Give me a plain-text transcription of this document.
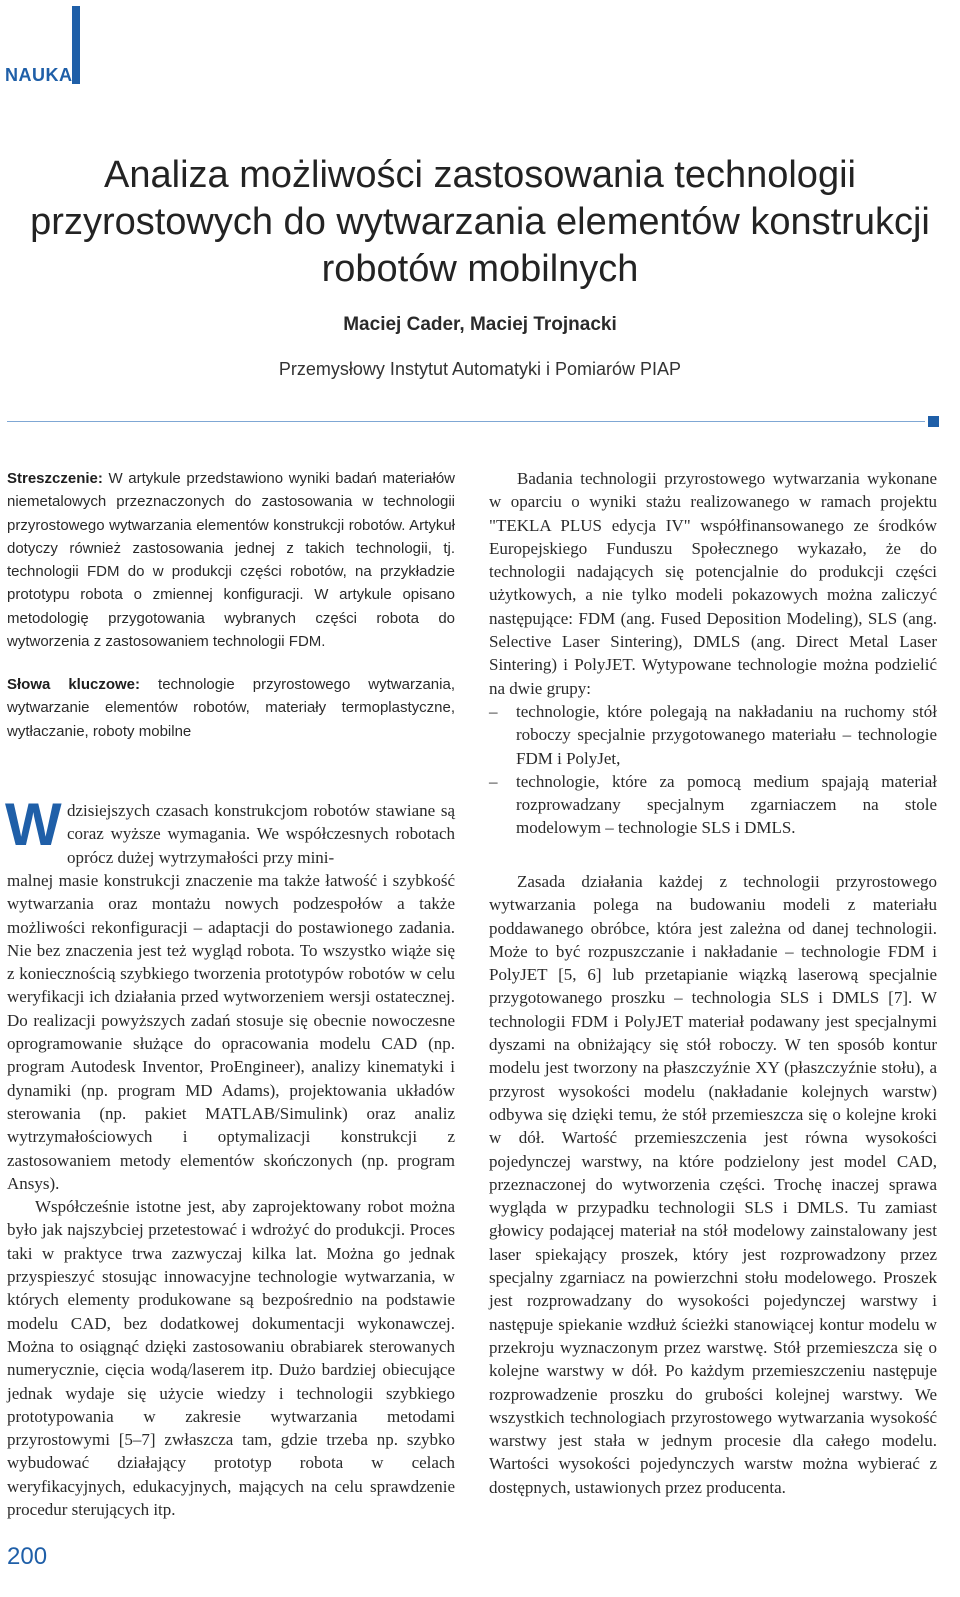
NAUKA
Analiza możliwości zastosowania technologii przyrostowych do wytwarzania elementów konstrukcji robotów mobilnych
Maciej Cader, Maciej Trojnacki
Przemysłowy Instytut Automatyki i Pomiarów PIAP
Streszczenie: W artykule przedstawiono wyniki badań materiałów niemetalowych przeznaczonych do zastosowania w technologii przyrostowego wytwarzania elementów konstrukcji robotów. Artykuł dotyczy również zastosowania jednej z takich technologii, tj. technologii FDM do w produkcji części robotów, na przykładzie prototypu robota o zmiennej konfiguracji. W artykule opisano metodologię przygotowania wybranych części robota do wytworzenia z zastosowaniem technologii FDM.
Słowa kluczowe: technologie przyrostowego wytwarzania, wytwarzanie elementów robotów, materiały termoplastyczne, wytłaczanie, roboty mobilne
W dzisiejszych czasach konstrukcjom robotów stawiane są coraz wyższe wymagania. We współczesnych robotach oprócz dużej wytrzymałości przy mini-

malnej masie konstrukcji znaczenie ma także łatwość i szybkość wytwarzania oraz montażu nowych podzespołów a także możliwości rekonfiguracji – adaptacji do postawionego zadania. Nie bez znaczenia jest też wygląd robota. To wszystko wiąże się z koniecznością szybkiego tworzenia prototypów robotów w celu weryfikacji ich działania przed wytworzeniem wersji ostatecznej. Do realizacji powyższych zadań stosuje się obecnie nowoczesne oprogramowanie służące do opracowania modelu CAD (np. program Autodesk Inventor, ProEngineer), analizy kinematyki i dynamiki (np. program MD Adams), projektowania układów sterowania (np. pakiet MATLAB/Simulink) oraz analiz wytrzymałościowych i optymalizacji konstrukcji z zastosowaniem metody elementów skończonych (np. program Ansys).

Współcześnie istotne jest, aby zaprojektowany robot można było jak najszybciej przetestować i wdrożyć do produkcji. Proces taki w praktyce trwa zazwyczaj kilka lat. Można go jednak przyspieszyć stosując innowacyjne technologie wytwarzania, w których elementy produkowane są bezpośrednio na podstawie modelu CAD, bez dodatkowej dokumentacji wykonawczej. Można to osiągnąć dzięki zastosowaniu obrabiarek sterowanych numerycznie, cięcia wodą/laserem itp. Dużo bardziej obiecujące jednak wydaje się użycie wiedzy i technologii szybkiego prototypowania w zakresie wytwarzania metodami przyrostowymi [5–7] zwłaszcza tam, gdzie trzeba np. szybko wybudować działający prototyp robota w celach weryfikacyjnych, edukacyjnych, mających na celu sprawdzenie procedur sterujących itp.

Badania technologii przyrostowego wytwarzania wykonane w oparciu o wyniki stażu realizowanego w ramach projektu "TEKLA PLUS edycja IV" współfinansowanego ze środków Europejskiego Funduszu Społecznego wykazało, że do technologii nadających się potencjalnie do produkcji części użytkowych, a nie tylko modeli pokazowych można zaliczyć następujące: FDM (ang. Fused Deposition Modeling), SLS (ang. Selective Laser Sintering), DMLS (ang. Direct Metal Laser Sintering) i PolyJET. Wytypowane technologie można podzielić na dwie grupy:

– technologie, które polegają na nakładaniu na ruchomy stół roboczy specjalnie przygotowanego materiału – technologie FDM i PolyJet,

– technologie, które za pomocą medium spajają materiał rozprowadzany specjalnym zgarniaczem na stole modelowym – technologie SLS i DMLS.

Zasada działania każdej z technologii przyrostowego wytwarzania polega na budowaniu modeli z materiału poddawanego obróbce, która jest zależna od danej technologii. Może to być rozpuszczanie i nakładanie – technologie FDM i PolyJET [5, 6] lub przetapianie wiązką laserową specjalnie przygotowanego proszku – technologia SLS i DMLS [7]. W technologii FDM i PolyJET materiał podawany jest specjalnymi dyszami na obniżający się stół roboczy. W ten sposób kontur modelu jest tworzony na płaszczyźnie XY (płaszczyźnie stołu), a przyrost wysokości modelu (nakładanie kolejnych warstw) odbywa się dzięki temu, że stół przemieszcza się o kolejne kroki w dół. Wartość przemieszczenia jest równa wysokości pojedynczej warstwy, na które podzielony jest model CAD, przeznaczonej do wytworzenia części. Trochę inaczej sprawa wygląda w przypadku technologii SLS i DMLS. Tu zamiast głowicy podającej materiał na stół modelowy zainstalowany jest laser spiekający proszek, który jest rozprowadzony przez specjalny zgarniacz na powierzchni stołu modelowego. Proszek jest rozprowadzany do wysokości pojedynczej warstwy i następuje spiekanie wzdłuż ścieżki stanowiącej kontur modelu w przekroju wyznaczonym przez warstwę. Stół przemieszcza się o kolejne warstwy w dół. Po każdym przemieszczeniu następuje rozprowadzenie proszku do grubości kolejnej warstwy. We wszystkich technologiach przyrostowego wytwarzania wysokość warstwy jest stała w jednym procesie dla całego modelu. Wartości wysokości pojedynczych warstw można wybierać z dostępnych, ustawionych przez producenta.

200
